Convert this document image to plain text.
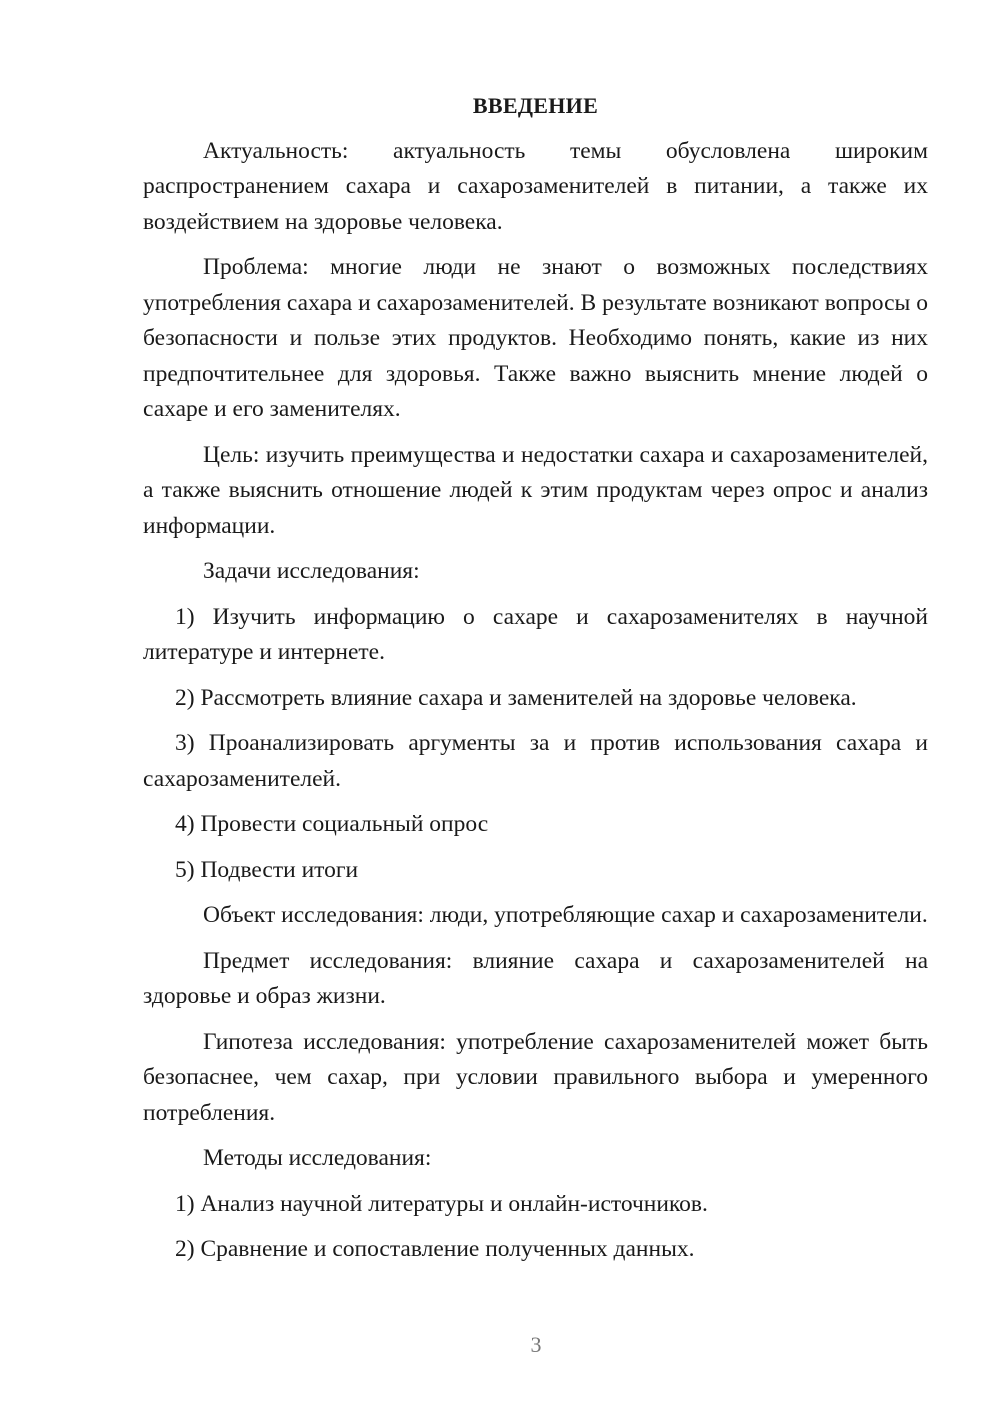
ВВЕДЕНИЕ

Актуальность: актуальность темы обусловлена широким распространением сахара и сахарозаменителей в питании, а также их воздействием на здоровье человека.

Проблема: многие люди не знают о возможных последствиях употребления сахара и сахарозаменителей. В результате возникают вопросы о безопасности и пользе этих продуктов. Необходимо понять, какие из них предпочтительнее для здоровья. Также важно выяснить мнение людей о сахаре и его заменителях.

Цель: изучить преимущества и недостатки сахара и сахарозаменителей, а также выяснить отношение людей к этим продуктам через опрос и анализ информации.

Задачи исследования:

1) Изучить информацию о сахаре и сахарозаменителях в научной литературе и интернете.

2) Рассмотреть влияние сахара и заменителей на здоровье человека.

3) Проанализировать аргументы за и против использования сахара и сахарозаменителей.

4) Провести социальный опрос

5) Подвести итоги

Объект исследования: люди, употребляющие сахар и сахарозаменители.

Предмет исследования: влияние сахара и сахарозаменителей на здоровье и образ жизни.

Гипотеза исследования: употребление сахарозаменителей может быть безопаснее, чем сахар, при условии правильного выбора и умеренного потребления.

Методы исследования:

1) Анализ научной литературы и онлайн-источников.

2) Сравнение и сопоставление полученных данных.

3
